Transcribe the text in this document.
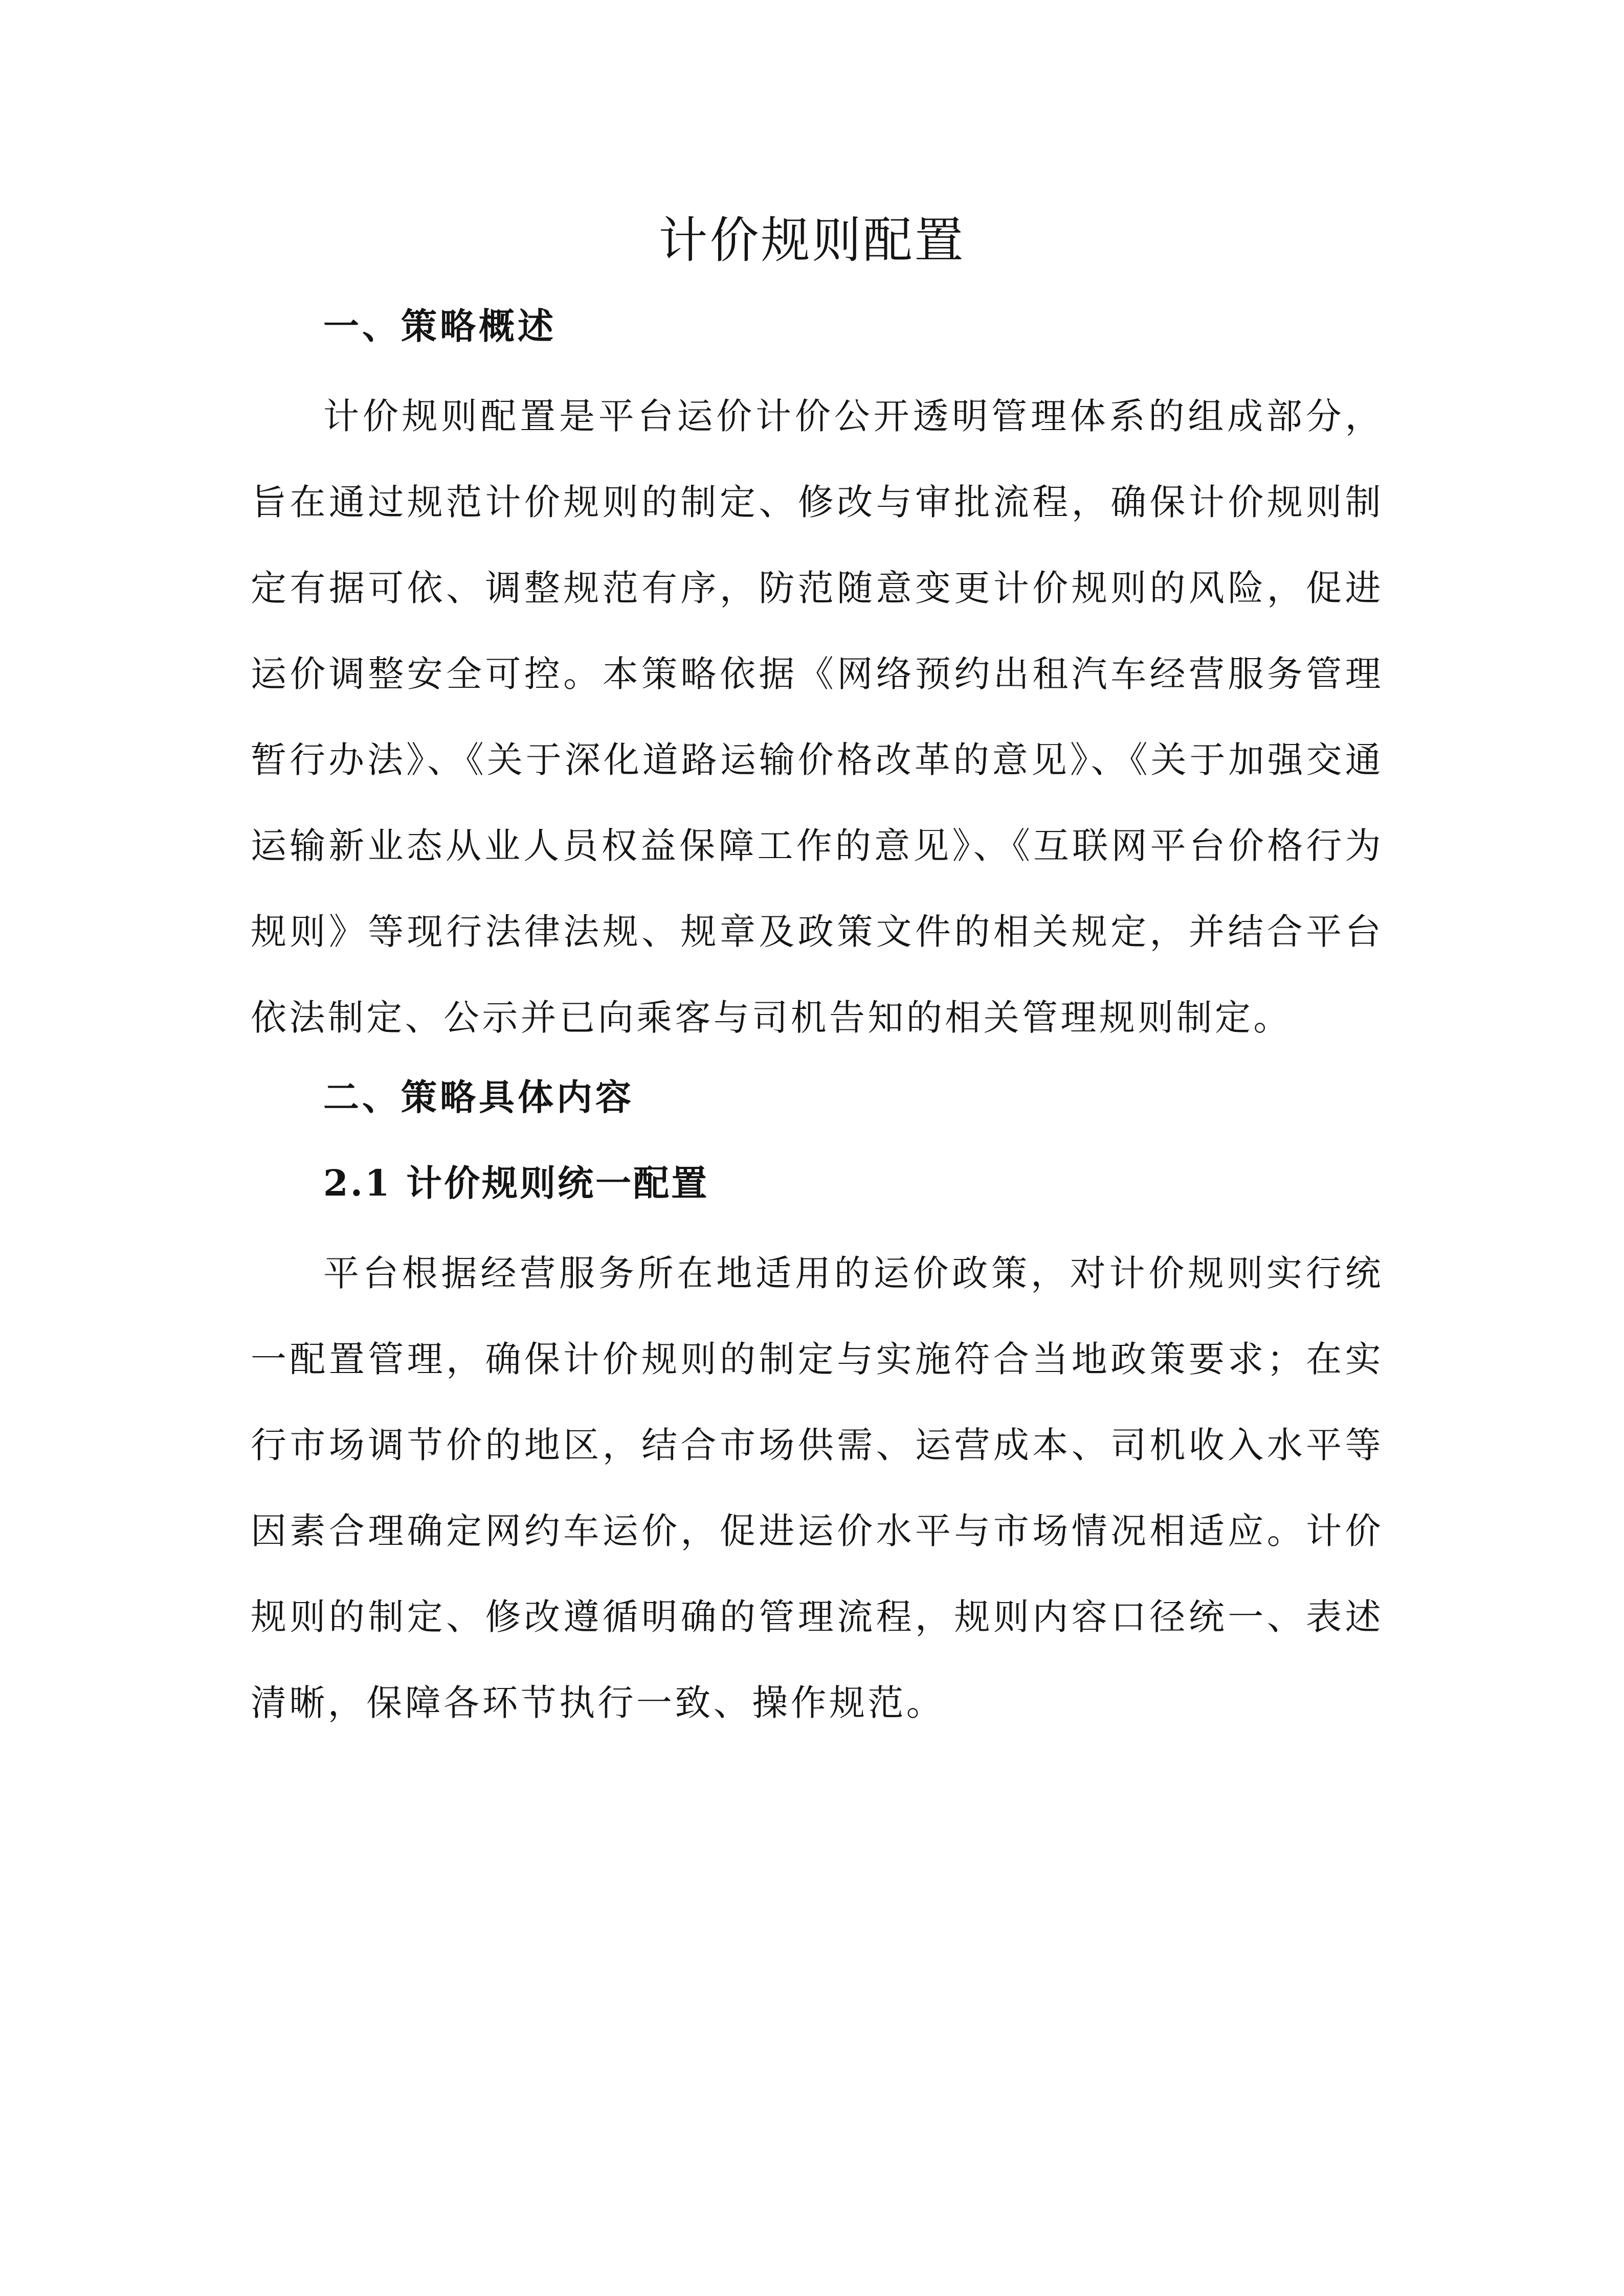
计价规则配置
一、策略概述

计价规则配置是平台运价计价公开透明管理体系的组成部分，旨在通过规范计价规则的制定、修改与审批流程，确保计价规则制定有据可依、调整规范有序，防范随意变更计价规则的风险，促进运价调整安全可控。本策略依据《网络预约出租汽车经营服务管理暂行办法》、《关于深化道路运输价格改革的意见》、《关于加强交通运输新业态从业人员权益保障工作的意见》、《互联网平台价格行为规则》等现行法律法规、规章及政策文件的相关规定，并结合平台依法制定、公示并已向乘客与司机告知的相关管理规则制定。

二、策略具体内容
2.1 计价规则统一配置

平台根据经营服务所在地适用的运价政策，对计价规则实行统一配置管理，确保计价规则的制定与实施符合当地政策要求；在实行市场调节价的地区，结合市场供需、运营成本、司机收入水平等因素合理确定网约车运价，促进运价水平与市场情况相适应。计价规则的制定、修改遵循明确的管理流程，规则内容口径统一、表述清晰，保障各环节执行一致、操作规范。
